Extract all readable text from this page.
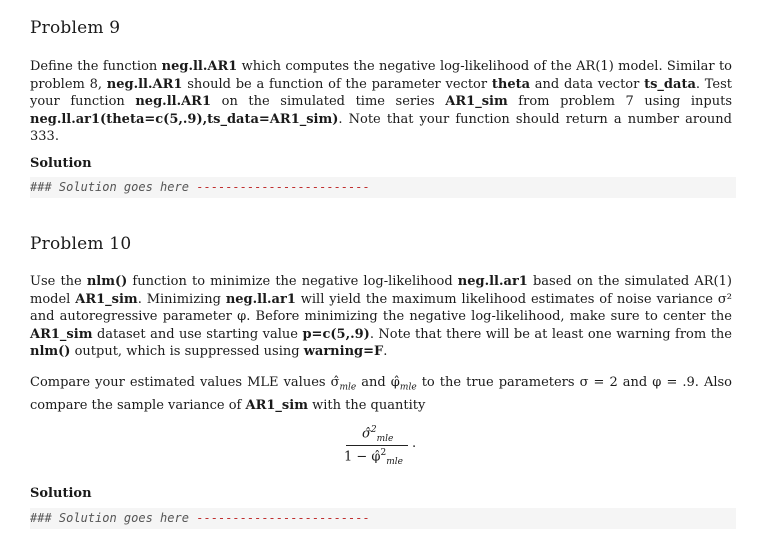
Problem 9

Define the function neg.ll.AR1 which computes the negative log-likelihood of the AR(1) model. Similar to problem 8, neg.ll.AR1 should be a function of the parameter vector theta and data vector ts_data. Test your function neg.ll.AR1 on the simulated time series AR1_sim from problem 7 using inputs neg.ll.ar1(theta=c(5,.9),ts_data=AR1_sim). Note that your function should return a number around 333.

Solution

### Solution goes here ------------------------
Problem 10

Use the nlm() function to minimize the negative log-likelihood neg.ll.ar1 based on the simulated AR(1) model AR1_sim. Minimizing neg.ll.ar1 will yield the maximum likelihood estimates of noise variance σ² and autoregressive parameter φ. Before minimizing the negative log-likelihood, make sure to center the AR1_sim dataset and use starting value p=c(5,.9). Note that there will be at least one warning from the nlm() output, which is suppressed using warning=F.

Compare your estimated values MLE values $\sigmâ_{mle}$ and $\varphî_{mle}$ to the true parameters σ = 2 and φ = .9. Also compare the sample variance of AR1_sim with the quantity

σ̂$^2_{mle}$
1 − φ̂$^2_{mle}$
.

Solution

### Solution goes here ------------------------
